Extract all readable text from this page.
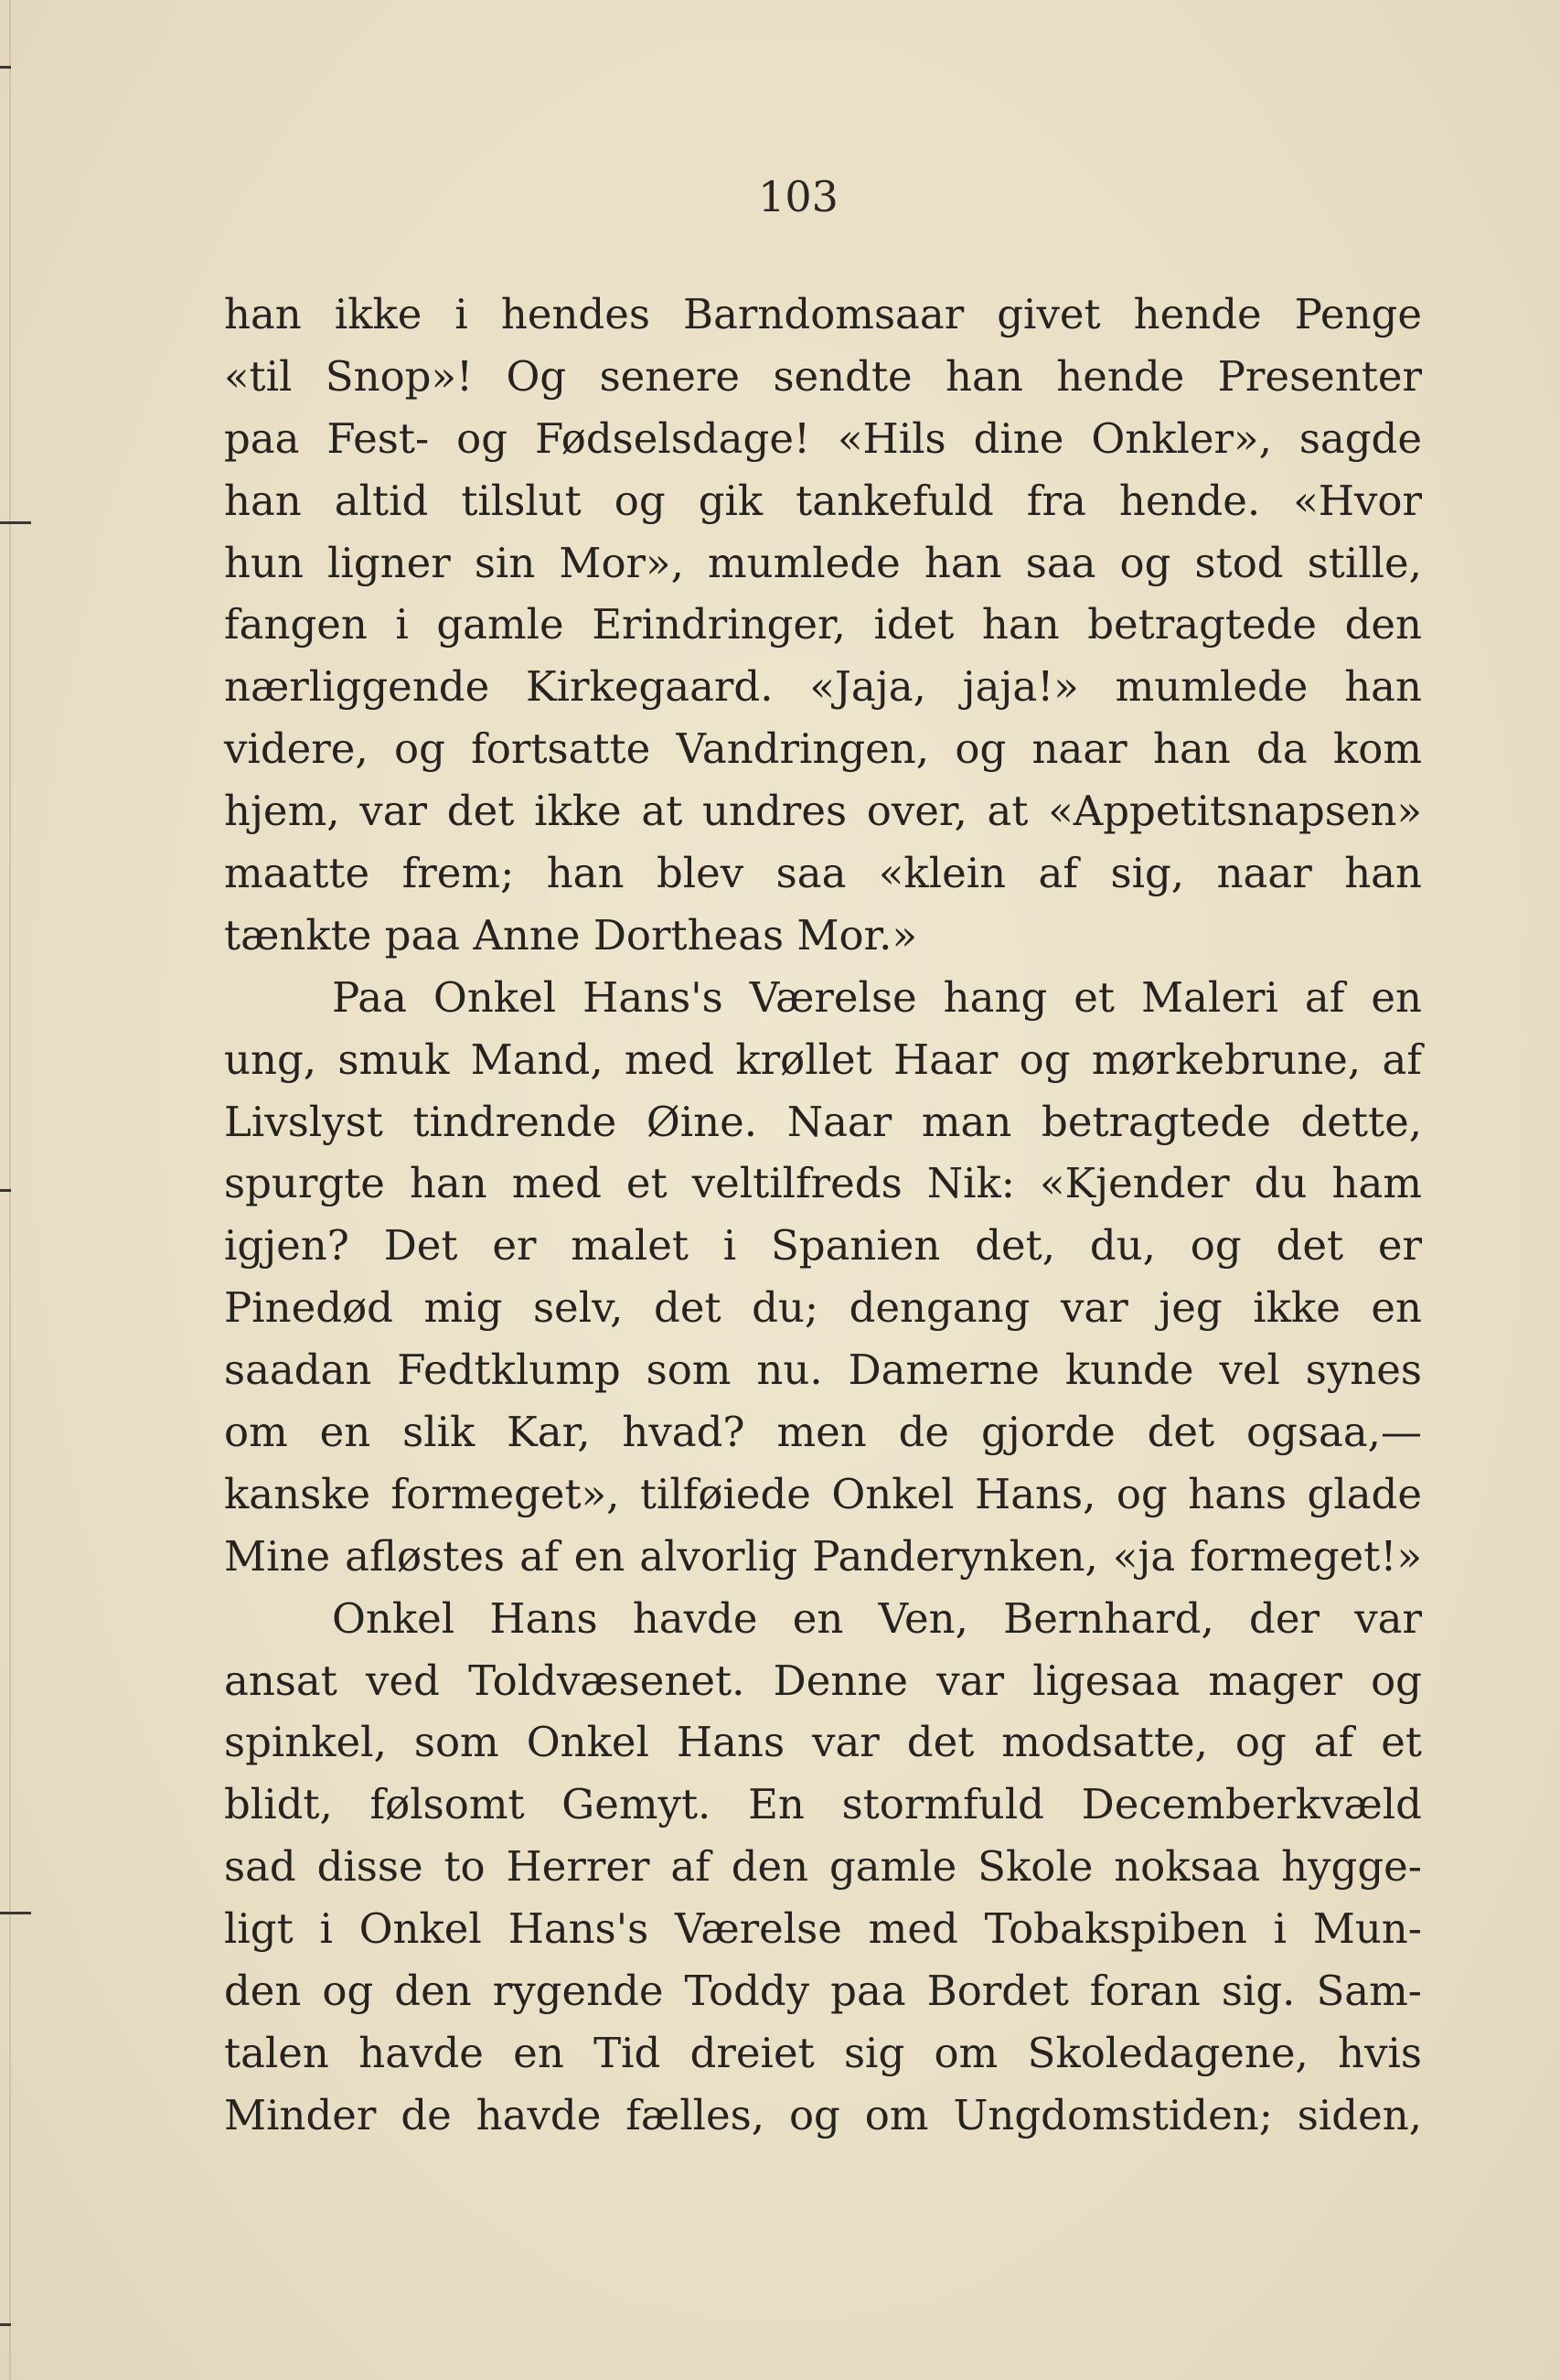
103
han ikke i hendes Barndomsaar givet hende Penge
«til Snop»! Og senere sendte han hende Presenter
paa Fest- og Fødselsdage! «Hils dine Onkler», sagde
han altid tilslut og gik tankefuld fra hende. «Hvor
hun ligner sin Mor», mumlede han saa og stod stille,
fangen i gamle Erindringer, idet han betragtede den
nærliggende Kirkegaard. «Jaja, jaja!» mumlede han
videre, og fortsatte Vandringen, og naar han da kom
hjem, var det ikke at undres over, at «Appetitsnapsen»
maatte frem; han blev saa «klein af sig, naar han
tænkte paa Anne Dortheas Mor.»
Paa Onkel Hans's Værelse hang et Maleri af en
ung, smuk Mand, med krøllet Haar og mørkebrune, af
Livslyst tindrende Øine. Naar man betragtede dette,
spurgte han med et veltilfreds Nik: «Kjender du ham
igjen? Det er malet i Spanien det, du, og det er
Pinedød mig selv, det du; dengang var jeg ikke en
saadan Fedtklump som nu. Damerne kunde vel synes
om en slik Kar, hvad? men de gjorde det ogsaa,—
kanske formeget», tilføiede Onkel Hans, og hans glade
Mine afløstes af en alvorlig Panderynken, «ja formeget!»
Onkel Hans havde en Ven, Bernhard, der var
ansat ved Toldvæsenet. Denne var ligesaa mager og
spinkel, som Onkel Hans var det modsatte, og af et
blidt, følsomt Gemyt. En stormfuld Decemberkvæld
sad disse to Herrer af den gamle Skole noksaa hygge-
ligt i Onkel Hans's Værelse med Tobakspiben i Mun-
den og den rygende Toddy paa Bordet foran sig. Sam-
talen havde en Tid dreiet sig om Skoledagene, hvis
Minder de havde fælles, og om Ungdomstiden; siden,
